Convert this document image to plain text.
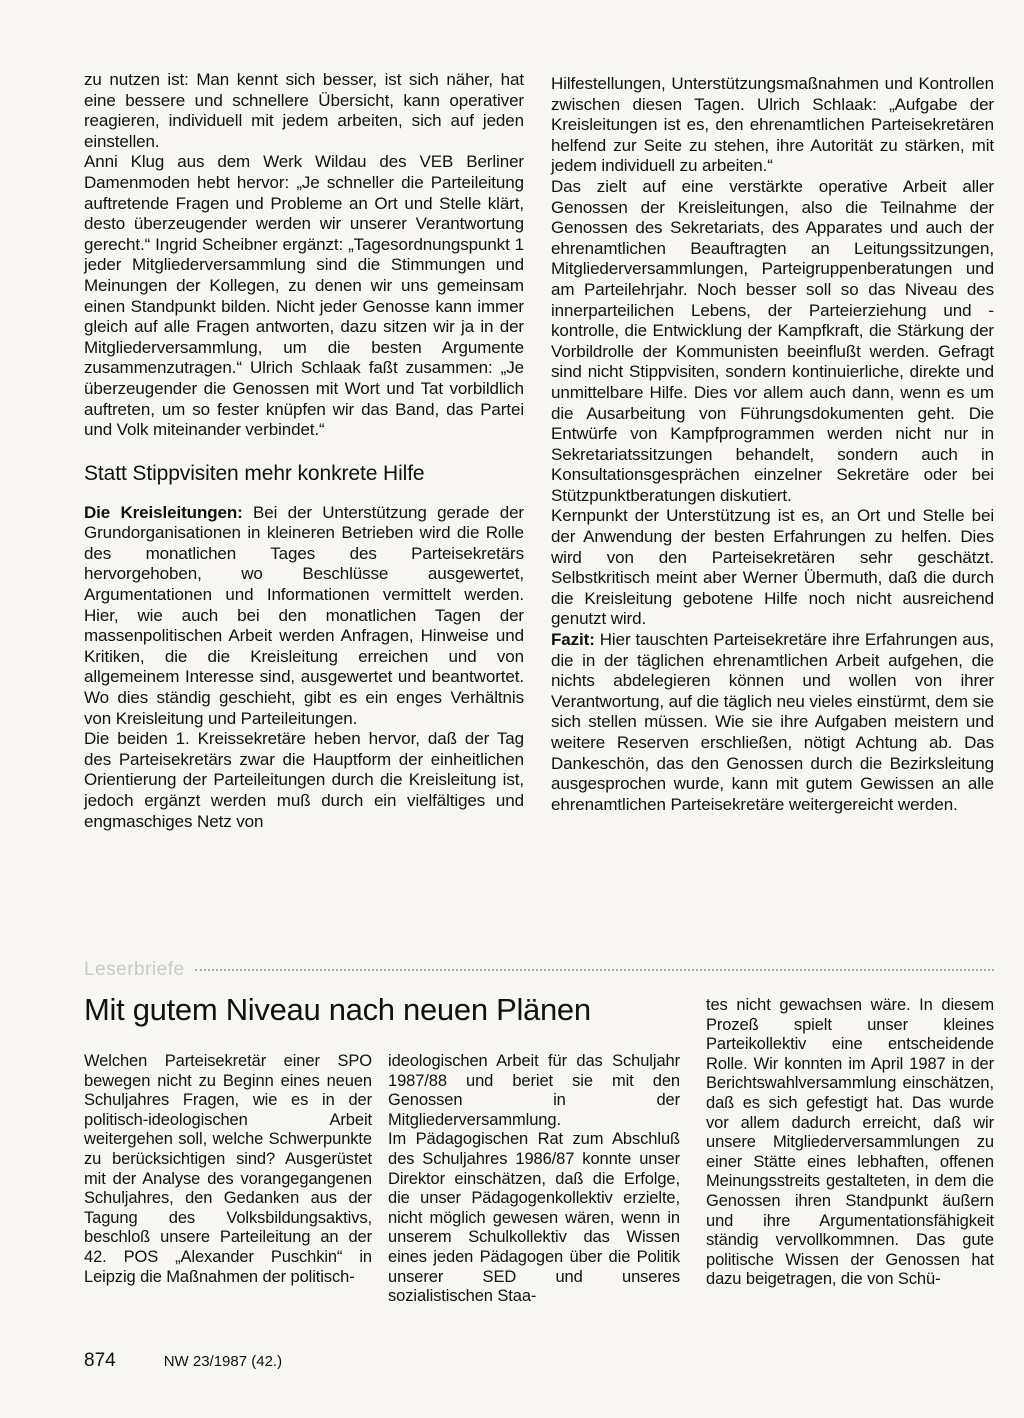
zu nutzen ist: Man kennt sich besser, ist sich näher, hat eine bessere und schnellere Übersicht, kann operativer reagieren, individuell mit jedem arbeiten, sich auf jeden einstellen.

Anni Klug aus dem Werk Wildau des VEB Berliner Damenmoden hebt hervor: „Je schneller die Parteileitung auftretende Fragen und Probleme an Ort und Stelle klärt, desto überzeugender werden wir unserer Verantwortung gerecht.“ Ingrid Scheibner ergänzt: „Tagesordnungspunkt 1 jeder Mitgliederversammlung sind die Stimmungen und Meinungen der Kollegen, zu denen wir uns gemeinsam einen Standpunkt bilden. Nicht jeder Genosse kann immer gleich auf alle Fragen antworten, dazu sitzen wir ja in der Mitgliederversammlung, um die besten Argumente zusammenzutragen.“ Ulrich Schlaak faßt zusammen: „Je überzeugender die Genossen mit Wort und Tat vorbildlich auftreten, um so fester knüpfen wir das Band, das Partei und Volk miteinander verbindet.“

Statt Stippvisiten mehr konkrete Hilfe

Die Kreisleitungen: Bei der Unterstützung gerade der Grundorganisationen in kleineren Betrieben wird die Rolle des monatlichen Tages des Parteisekretärs hervorgehoben, wo Beschlüsse ausgewertet, Argumentationen und Informationen vermittelt werden. Hier, wie auch bei den monatlichen Tagen der massenpolitischen Arbeit werden Anfragen, Hinweise und Kritiken, die die Kreisleitung erreichen und von allgemeinem Interesse sind, ausgewertet und beantwortet. Wo dies ständig geschieht, gibt es ein enges Verhältnis von Kreisleitung und Parteileitungen.

Die beiden 1. Kreissekretäre heben hervor, daß der Tag des Parteisekretärs zwar die Hauptform der einheitlichen Orientierung der Parteileitungen durch die Kreisleitung ist, jedoch ergänzt werden muß durch ein vielfältiges und engmaschiges Netz von

Hilfestellungen, Unterstützungsmaßnahmen und Kontrollen zwischen diesen Tagen. Ulrich Schlaak: „Aufgabe der Kreisleitungen ist es, den ehrenamtlichen Parteisekretären helfend zur Seite zu stehen, ihre Autorität zu stärken, mit jedem individuell zu arbeiten.“

Das zielt auf eine verstärkte operative Arbeit aller Genossen der Kreisleitungen, also die Teilnahme der Genossen des Sekretariats, des Apparates und auch der ehrenamtlichen Beauftragten an Leitungssitzungen, Mitgliederversammlungen, Parteigruppenberatungen und am Parteilehrjahr. Noch besser soll so das Niveau des innerparteilichen Lebens, der Parteierziehung und -kontrolle, die Entwicklung der Kampfkraft, die Stärkung der Vorbildrolle der Kommunisten beeinflußt werden. Gefragt sind nicht Stippvisiten, sondern kontinuierliche, direkte und unmittelbare Hilfe. Dies vor allem auch dann, wenn es um die Ausarbeitung von Führungsdokumenten geht. Die Entwürfe von Kampfprogrammen werden nicht nur in Sekretariatssitzungen behandelt, sondern auch in Konsultationsgesprächen einzelner Sekretäre oder bei Stützpunktberatungen diskutiert.

Kernpunkt der Unterstützung ist es, an Ort und Stelle bei der Anwendung der besten Erfahrungen zu helfen. Dies wird von den Parteisekretären sehr geschätzt. Selbstkritisch meint aber Werner Übermuth, daß die durch die Kreisleitung gebotene Hilfe noch nicht ausreichend genutzt wird.

Fazit: Hier tauschten Parteisekretäre ihre Erfahrungen aus, die in der täglichen ehrenamtlichen Arbeit aufgehen, die nichts abdelegieren können und wollen von ihrer Verantwortung, auf die täglich neu vieles einstürmt, dem sie sich stellen müssen. Wie sie ihre Aufgaben meistern und weitere Reserven erschließen, nötigt Achtung ab. Das Dankeschön, das den Genossen durch die Bezirksleitung ausgesprochen wurde, kann mit gutem Gewissen an alle ehrenamtlichen Parteisekretäre weitergereicht werden.

Leserbriefe
Mit gutem Niveau nach neuen Plänen

Welchen Parteisekretär einer SPO bewegen nicht zu Beginn eines neuen Schuljahres Fragen, wie es in der politisch-ideologischen Arbeit weitergehen soll, welche Schwerpunkte zu berücksichtigen sind? Ausgerüstet mit der Analyse des vorangegangenen Schuljahres, den Gedanken aus der Tagung des Volksbildungsaktivs, beschloß unsere Parteileitung an der 42. POS „Alexander Puschkin“ in Leipzig die Maßnahmen der politisch-

ideologischen Arbeit für das Schuljahr 1987/88 und beriet sie mit den Genossen in der Mitgliederversammlung.

Im Pädagogischen Rat zum Abschluß des Schuljahres 1986/87 konnte unser Direktor einschätzen, daß die Erfolge, die unser Pädagogenkollektiv erzielte, nicht möglich gewesen wären, wenn in unserem Schulkollektiv das Wissen eines jeden Pädagogen über die Politik unserer SED und unseres sozialistischen Staa-

tes nicht gewachsen wäre. In diesem Prozeß spielt unser kleines Parteikollektiv eine entscheidende Rolle. Wir konnten im April 1987 in der Berichtswahlversammlung einschätzen, daß es sich gefestigt hat. Das wurde vor allem dadurch erreicht, daß wir unsere Mitgliederversammlungen zu einer Stätte eines lebhaften, offenen Meinungsstreits gestalteten, in dem die Genossen ihren Standpunkt äußern und ihre Argumentationsfähigkeit ständig vervollkommnen. Das gute politische Wissen der Genossen hat dazu beigetragen, die von Schü-

874	NW 23/1987 (42.)
